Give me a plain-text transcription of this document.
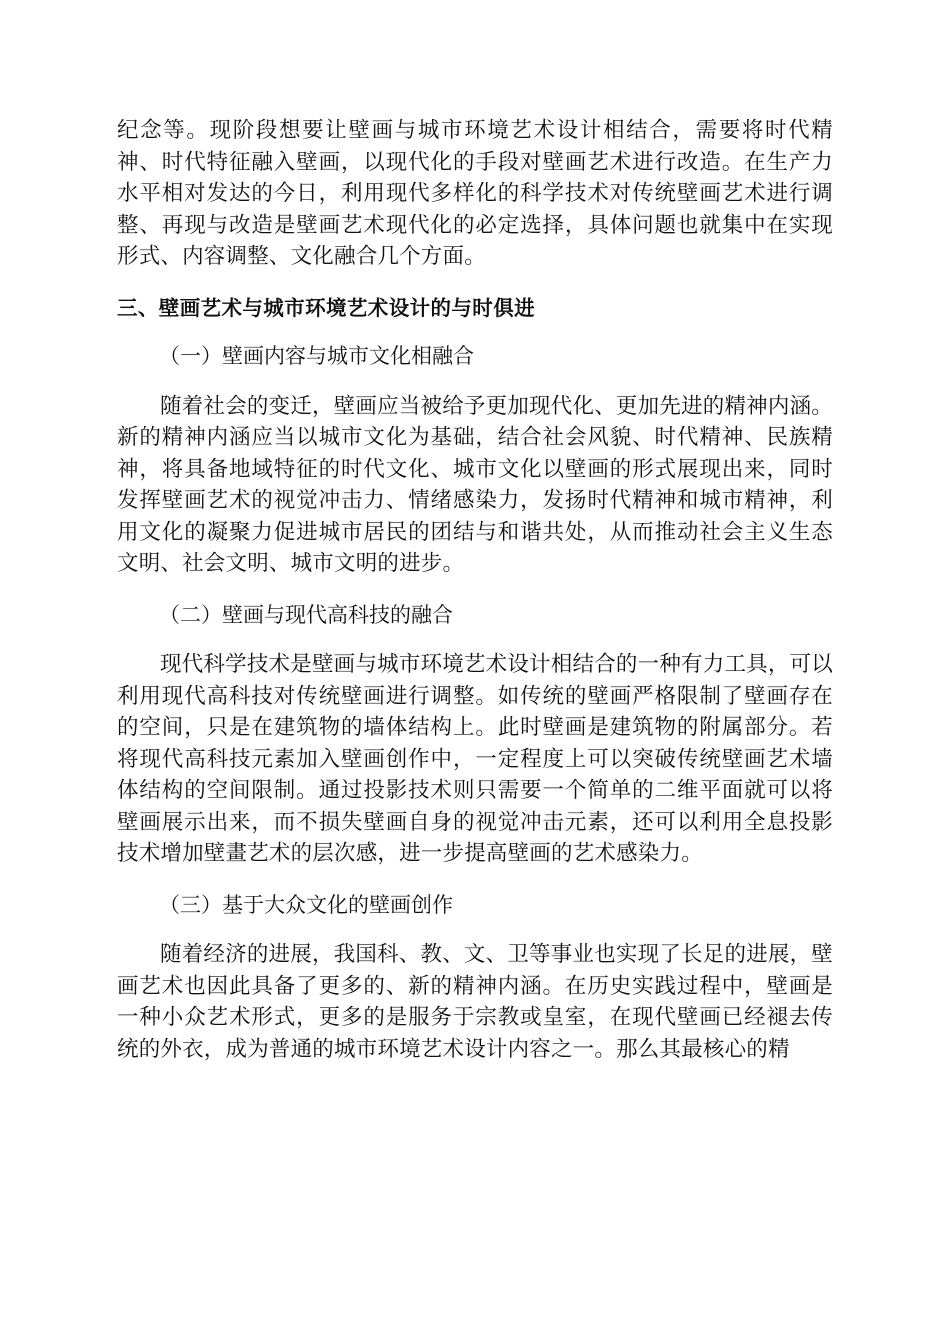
纪念等。现阶段想要让壁画与城市环境艺术设计相结合，需要将时代精神、时代特征融入壁画，以现代化的手段对壁画艺术进行改造。在生产力水平相对发达的今日，利用现代多样化的科学技术对传统壁画艺术进行调整、再现与改造是壁画艺术现代化的必定选择，具体问题也就集中在实现形式、内容调整、文化融合几个方面。

三、壁画艺术与城市环境艺术设计的与时俱进
（一）壁画内容与城市文化相融合

随着社会的变迁，壁画应当被给予更加现代化、更加先进的精神内涵。新的精神内涵应当以城市文化为基础，结合社会风貌、时代精神、民族精神，将具备地域特征的时代文化、城市文化以壁画的形式展现出来，同时发挥壁画艺术的视觉冲击力、情绪感染力，发扬时代精神和城市精神，利用文化的凝聚力促进城市居民的团结与和谐共处，从而推动社会主义生态文明、社会文明、城市文明的进步。

（二）壁画与现代高科技的融合

现代科学技术是壁画与城市环境艺术设计相结合的一种有力工具，可以利用现代高科技对传统壁画进行调整。如传统的壁画严格限制了壁画存在的空间，只是在建筑物的墙体结构上。此时壁画是建筑物的附属部分。若将现代高科技元素加入壁画创作中，一定程度上可以突破传统壁画艺术墙体结构的空间限制。通过投影技术则只需要一个简单的二维平面就可以将壁画展示出来，而不损失壁画自身的视觉冲击元素，还可以利用全息投影技术增加壁畫艺术的层次感，进一步提高壁画的艺术感染力。

（三）基于大众文化的壁画创作

随着经济的进展，我国科、教、文、卫等事业也实现了长足的进展，壁画艺术也因此具备了更多的、新的精神内涵。在历史实践过程中，壁画是一种小众艺术形式，更多的是服务于宗教或皇室，在现代壁画已经褪去传统的外衣，成为普通的城市环境艺术设计内容之一。那么其最核心的精
